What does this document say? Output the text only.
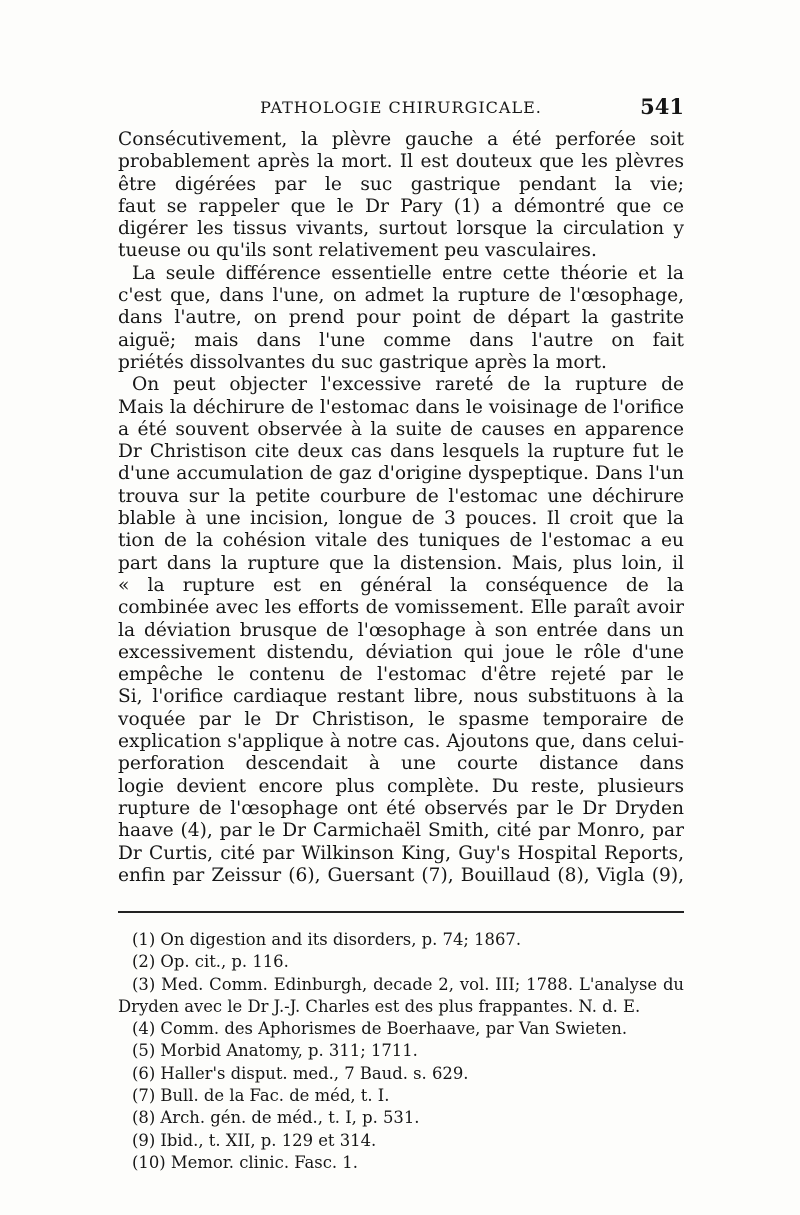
PATHOLOGIE CHIRURGICALE.	541
Consécutivement, la plèvre gauche a été perforée soit
probablement après la mort. Il est douteux que les plèvres
être digérées par le suc gastrique pendant la vie;
faut se rappeler que le Dr Pary (1) a démontré que ce
digérer les tissus vivants, surtout lorsque la circulation y
tueuse ou qu'ils sont relativement peu vasculaires.
La seule différence essentielle entre cette théorie et la
c'est que, dans l'une, on admet la rupture de l'œsophage,
dans l'autre, on prend pour point de départ la gastrite
aiguë; mais dans l'une comme dans l'autre on fait
priétés dissolvantes du suc gastrique après la mort.
On peut objecter l'excessive rareté de la rupture de
Mais la déchirure de l'estomac dans le voisinage de l'orifice
a été souvent observée à la suite de causes en apparence
Dr Christison cite deux cas dans lesquels la rupture fut le
d'une accumulation de gaz d'origine dyspeptique. Dans l'un
trouva sur la petite courbure de l'estomac une déchirure
blable à une incision, longue de 3 pouces. Il croit que la
tion de la cohésion vitale des tuniques de l'estomac a eu
part dans la rupture que la distension. Mais, plus loin, il
« la rupture est en général la conséquence de la
combinée avec les efforts de vomissement. Elle paraît avoir
la déviation brusque de l'œsophage à son entrée dans un
excessivement distendu, déviation qui joue le rôle d'une
empêche le contenu de l'estomac d'être rejeté par le
Si, l'orifice cardiaque restant libre, nous substituons à la
voquée par le Dr Christison, le spasme temporaire de
explication s'applique à notre cas. Ajoutons que, dans celui-
perforation descendait à une courte distance dans
logie devient encore plus complète. Du reste, plusieurs
rupture de l'œsophage ont été observés par le Dr Dryden
haave (4), par le Dr Carmichaël Smith, cité par Monro, par
Dr Curtis, cité par Wilkinson King, Guy's Hospital Reports,
enfin par Zeissur (6), Guersant (7), Bouillaud (8), Vigla (9),
(1) On digestion and its disorders, p. 74; 1867.
(2) Op. cit., p. 116.
(3) Med. Comm. Edinburgh, decade 2, vol. III; 1788. L'analyse du
Dryden avec le Dr J.-J. Charles est des plus frappantes. N. d. E.
(4) Comm. des Aphorismes de Boerhaave, par Van Swieten.
(5) Morbid Anatomy, p. 311; 1711.
(6) Haller's disput. med., 7 Baud. s. 629.
(7) Bull. de la Fac. de méd, t. I.
(8) Arch. gén. de méd., t. I, p. 531.
(9) Ibid., t. XII, p. 129 et 314.
(10) Memor. clinic. Fasc. 1.
